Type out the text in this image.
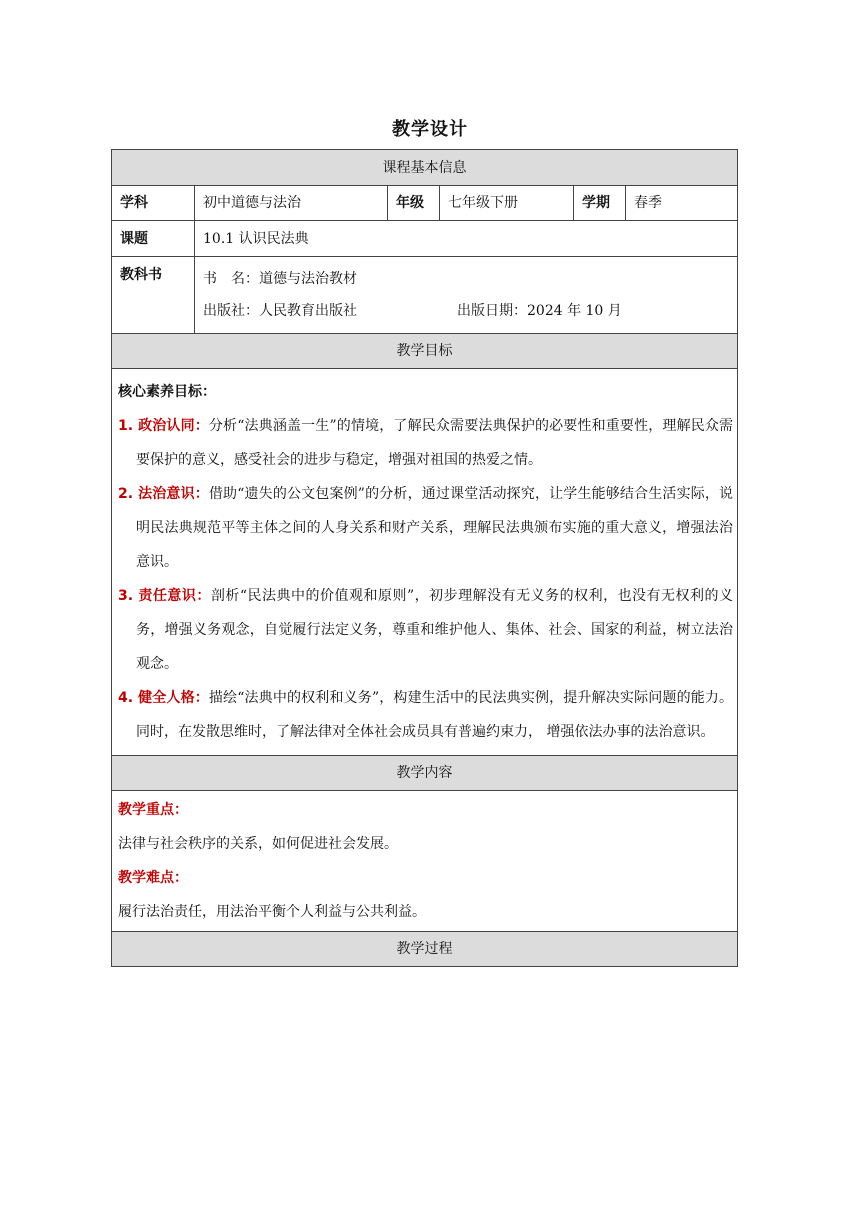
教学设计
课程基本信息					
学科	初中道德与法治	年级	七年级下册	学期	春季
课题	10.1 认识民法典				
教科书	书　名：道德与法治教材
出版社：人民教育出版社 出版日期：2024 年 10 月				

教学目标					

核心素养目标：
1. 政治认同：分析“法典涵盖一生”的情境，了解民众需要法典保护的必要性和重要性，理解民众需要保护的意义，感受社会的进步与稳定，增强对祖国的热爱之情。
2. 法治意识：借助“遗失的公文包案例”的分析，通过课堂活动探究，让学生能够结合生活实际，说明民法典规范平等主体之间的人身关系和财产关系，理解民法典颁布实施的重大意义，增强法治意识。
3. 责任意识：剖析“民法典中的价值观和原则”，初步理解没有无义务的权利，也没有无权利的义务，增强义务观念，自觉履行法定义务，尊重和维护他人、集体、社会、国家的利益，树立法治观念。
4. 健全人格：描绘“法典中的权利和义务”，构建生活中的民法典实例，提升解决实际问题的能力。同时，在发散思维时，了解法律对全体社会成员具有普遍约束力， 增强依法办事的法治意识。					

教学内容					

教学重点：
法律与社会秩序的关系，如何促进社会发展。
教学难点：
履行法治责任，用法治平衡个人利益与公共利益。					

教学过程					
